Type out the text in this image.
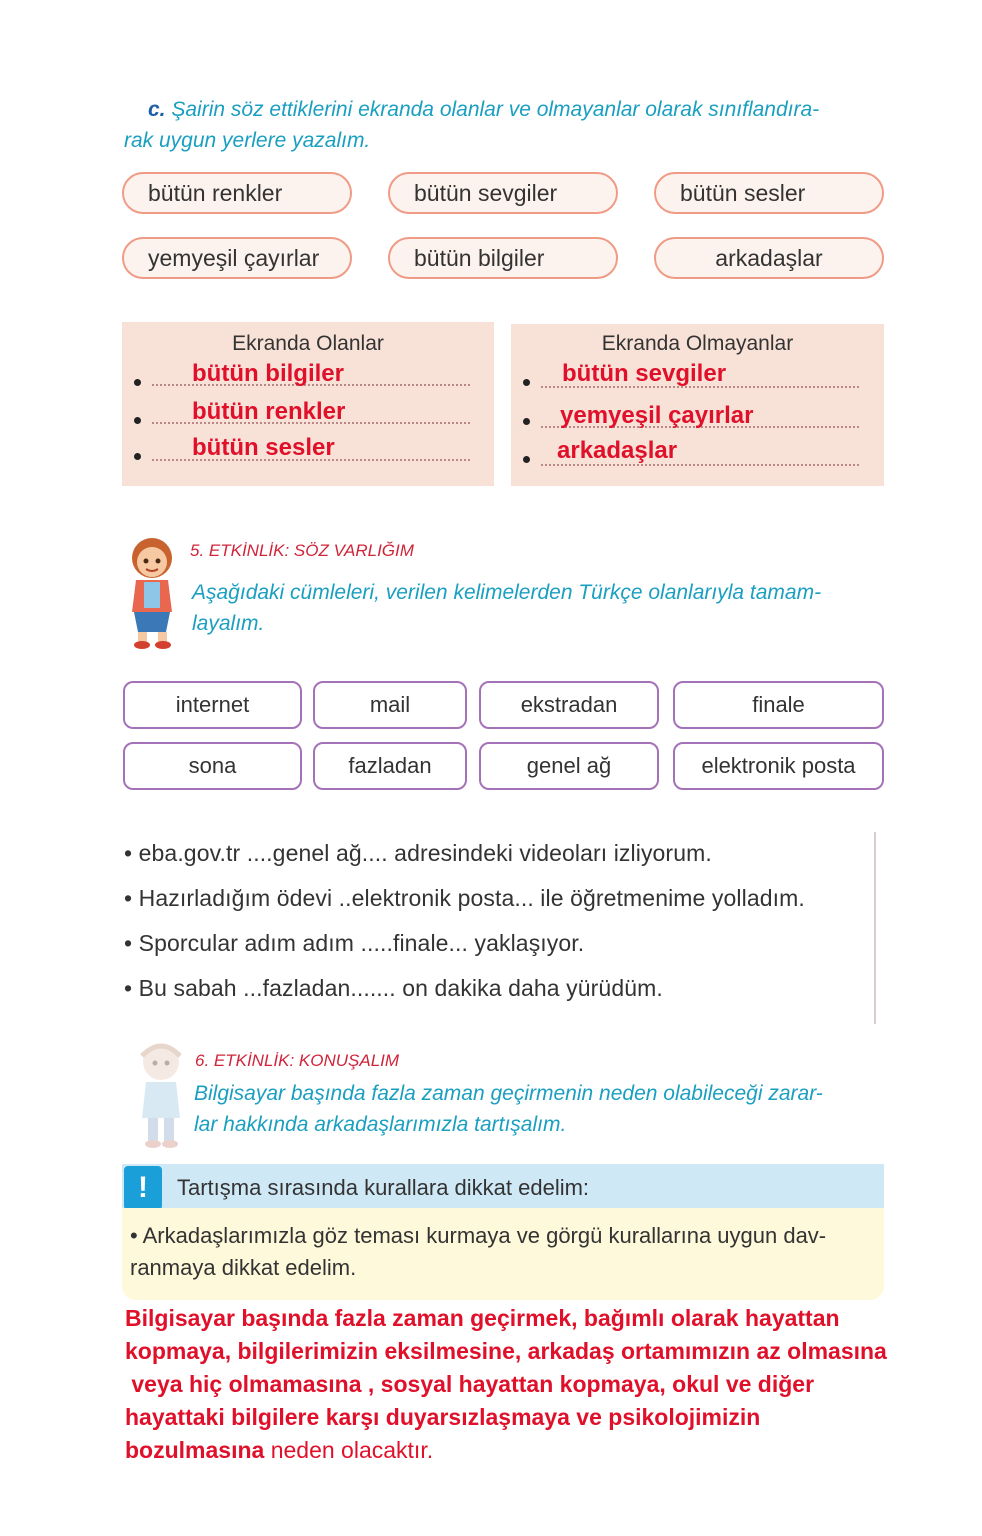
c. Şairin söz ettiklerini ekranda olanlar ve olmayanlar olarak sınıflandıra-
rak uygun yerlere yazalım.
bütün renkler	bütün sevgiler	bütün sesler
yemyeşil çayırlar	bütün bilgiler	arkadaşlar
Ekranda Olanlar
bütün bilgiler
bütün renkler
bütün sesler
Ekranda Olmayanlar
bütün sevgiler
yemyeşil çayırlar
arkadaşlar
5. ETKİNLİK: SÖZ VARLIĞIM
Aşağıdaki cümleleri, verilen kelimelerden Türkçe olanlarıyla tamam-
layalım.
internet	mail	ekstradan	finale
sona	fazladan	genel ağ	elektronik posta
• eba.gov.tr ....genel ağ.... adresindeki videoları izliyorum.
• Hazırladığım ödevi ..elektronik posta... ile öğretmenime yolladım.
• Sporcular adım adım .....finale... yaklaşıyor.
• Bu sabah ...fazladan....... on dakika daha yürüdüm.
6. ETKİNLİK: KONUŞALIM
Bilgisayar başında fazla zaman geçirmenin neden olabileceği zarar-
lar hakkında arkadaşlarımızla tartışalım.
!	Tartışma sırasında kurallara dikkat edelim:
• Arkadaşlarımızla göz teması kurmaya ve görgü kurallarına uygun dav-
ranmaya dikkat edelim.
Bilgisayar başında fazla zaman geçirmek, bağımlı olarak hayattan
kopmaya, bilgilerimizin eksilmesine, arkadaş ortamımızın az olmasına
veya hiç olmamasına , sosyal hayattan kopmaya, okul ve diğer
hayattaki bilgilere karşı duyarsızlaşmaya ve psikolojimizin
bozulmasına neden olacaktır.
